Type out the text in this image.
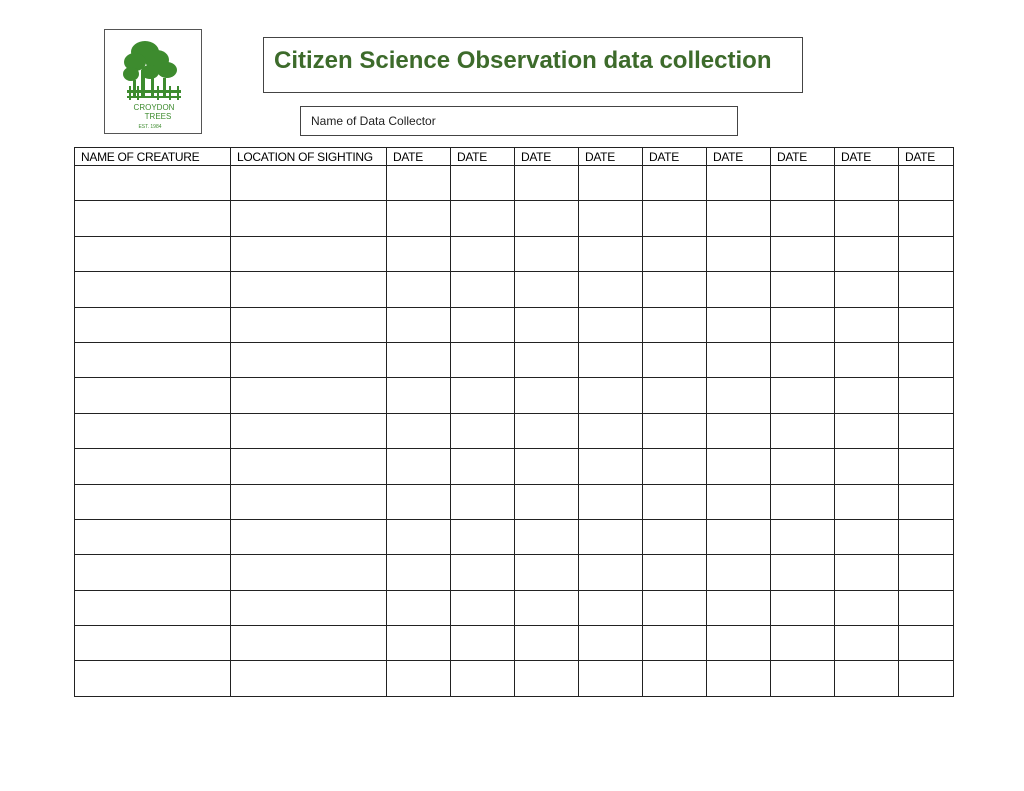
CROYDON
TREES
EST. 1984
Citizen Science Observation data collection
Name of Data Collector
NAME OF CREATURE	LOCATION OF SIGHTING	DATE	DATE	DATE	DATE	DATE	DATE	DATE	DATE	DATE
